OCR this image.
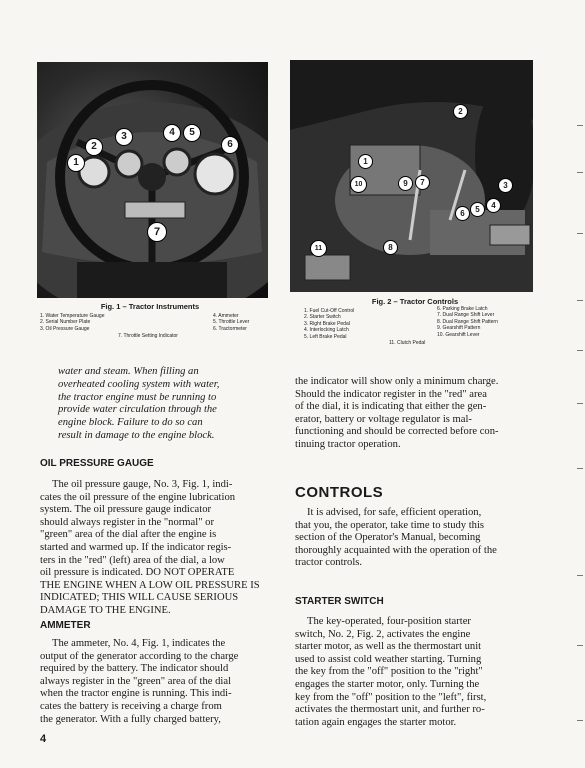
1
2
3	4	5
6
7
1
2
3
4
5
6
7
8
9
10
11
Fig. 1 – Tractor Instruments
1. Water Temperature Gauge
2. Serial Number Plate
3. Oil Pressure Gauge
4. Ammeter
5. Throttle Lever
6. Tractormeter
7. Throttle Setting Indicator
Fig. 2 – Tractor Controls
1. Fuel Cut-Off Control
2. Starter Switch
3. Right Brake Pedal
4. Interlocking Latch
5. Left Brake Pedal
6. Parking Brake Latch
7. Dual Range Shift Lever
8. Dual Range Shift Pattern
9. Gearshift Pattern
10. Gearshift Lever
11. Clutch Pedal
water and steam. When filling an
overheated cooling system with water,
the tractor engine must be running to
provide water circulation through the
engine block. Failure to do so can
result in damage to the engine block.
OIL PRESSURE GAUGE
The oil pressure gauge, No. 3, Fig. 1, indi-
cates the oil pressure of the engine lubrication
system. The oil pressure gauge indicator
should always register in the "normal" or
"green" area of the dial after the engine is
started and warmed up. If the indicator regis-
ters in the "red" (left) area of the dial, a low
oil pressure is indicated. DO NOT OPERATE
THE ENGINE WHEN A LOW OIL PRESSURE IS
INDICATED; THIS WILL CAUSE SERIOUS
DAMAGE TO THE ENGINE.
AMMETER
The ammeter, No. 4, Fig. 1, indicates the
output of the generator according to the charge
required by the battery. The indicator should
always register in the "green" area of the dial
when the tractor engine is running. This indi-
cates the battery is receiving a charge from
the generator. With a fully charged battery,
the indicator will show only a minimum charge.
Should the indicator register in the "red" area
of the dial, it is indicating that either the gen-
erator, battery or voltage regulator is mal-
functioning and should be corrected before con-
tinuing tractor operation.
CONTROLS
It is advised, for safe, efficient operation,
that you, the operator, take time to study this
section of the Operator's Manual, becoming
thoroughly acquainted with the operation of the
tractor controls.
STARTER SWITCH
The key-operated, four-position starter
switch, No. 2, Fig. 2, activates the engine
starter motor, as well as the thermostart unit
used to assist cold weather starting. Turning
the key from the "off" position to the "right"
engages the starter motor, only. Turning the
key from the "off" position to the "left", first,
activates the thermostart unit, and further ro-
tation again engages the starter motor.
4
